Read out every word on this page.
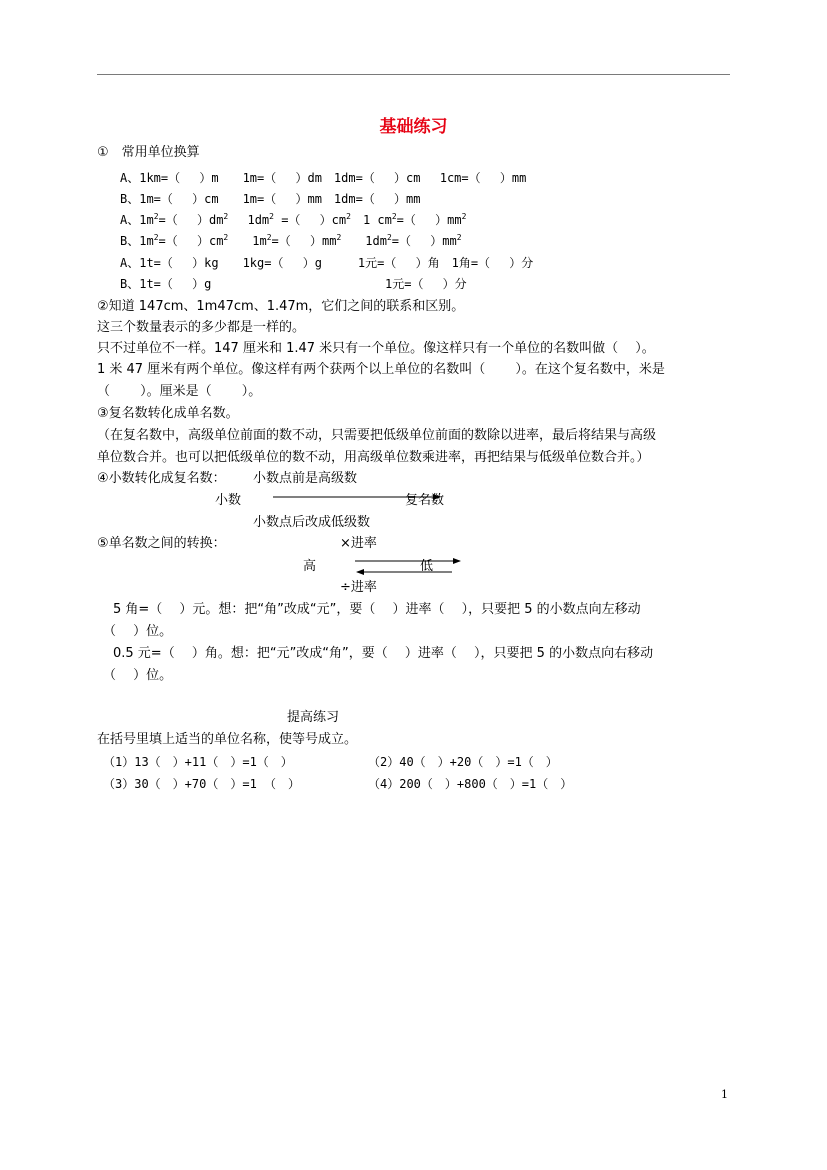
基础练习
①　常用单位换算
A、1km=（　 ）m　　1m=（　 ）dm　1dm=（　 ）cm　 1cm=（　 ）mm
B、1m=（　 ）cm　　1m=（　 ）mm　1dm=（　 ）mm
A、$1m^2=$（　 ）$dm^2$　 $1dm^2$ =（　 ）$cm^2$　1 $cm^2=$（　 ）$mm^2$
B、$1m^2=$（　 ）$cm^2$　　$1m^2=$（　 ）$mm^2$　　$1dm^2=$（　 ）$mm^2$
A、1t=（　 ）kg　　1kg=（　 ）g　　　1元=（　 ）角　1角=（　 ）分
B、1t=（　 ）g	1元=（　 ）分
②知道 147cm、1m47cm、1.47m，它们之间的联系和区别。
这三个数量表示的多少都是一样的。
只不过单位不一样。147 厘米和 1.47 米只有一个单位。像这样只有一个单位的名数叫做（　 ）。
1 米 47 厘米有两个单位。像这样有两个获两个以上单位的名数叫（　　 ）。在这个复名数中，米是
（　　 ）。厘米是（　　 ）。
③复名数转化成单名数。
（在复名数中，高级单位前面的数不动，只需要把低级单位前面的数除以进率，最后将结果与高级
单位数合并。也可以把低级单位的数不动，用高级单位数乘进率，再把结果与低级单位数合并。）
④小数转化成复名数： 小数点前是高级数
小数	复名数
小数点后改成低级数
⑤单名数之间的转换：	×进率
高	低
÷进率
5 角=（　 ）元。想：把“角”改成“元”，要（　 ）进率（　 ），只要把 5 的小数点向左移动
（　 ）位。
0.5 元=（　 ）角。想：把“元”改成“角”，要（　 ）进率（　 ），只要把 5 的小数点向右移动
（　 ）位。
提高练习
在括号里填上适当的单位名称，使等号成立。
（1）13（　）+11（　）=1（　）	（2）40（　）+20（　）=1（　）
（3）30（　）+70（　）=1 （　）	（4）200（　）+800（　）=1（　）
1
